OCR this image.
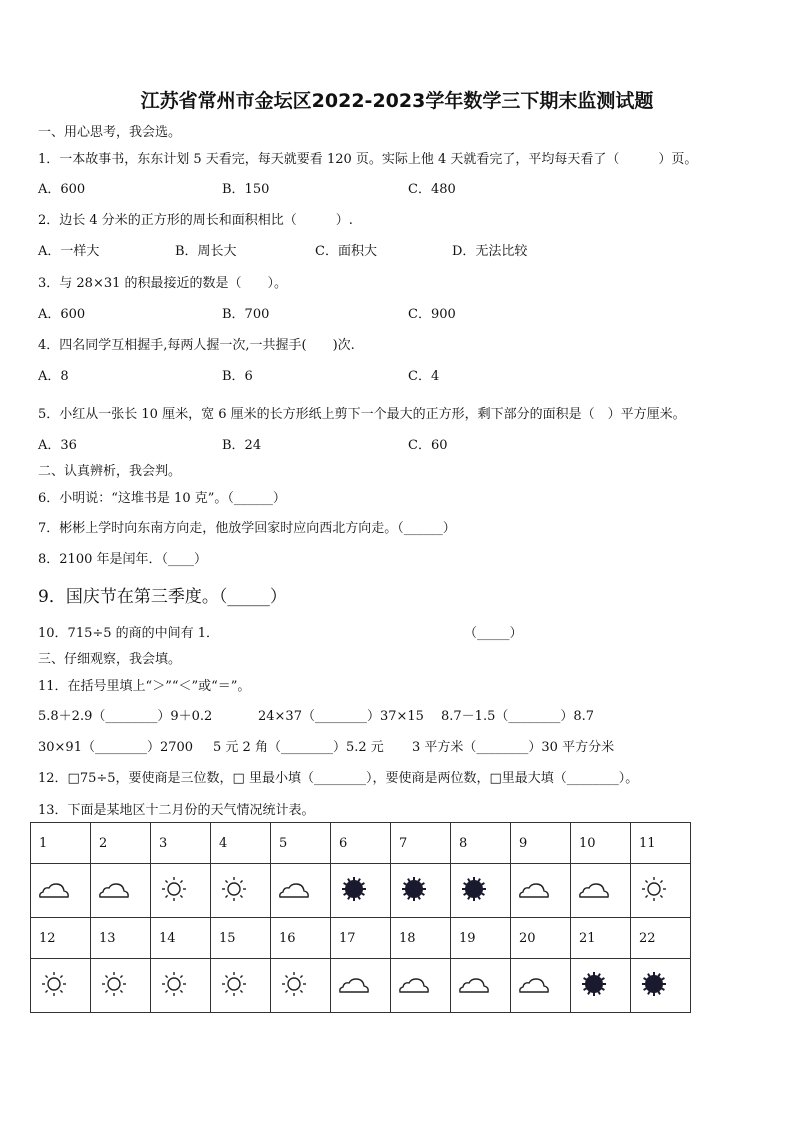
江苏省常州市金坛区2022-2023学年数学三下期末监测试题
一、用心思考，我会选。
1．一本故事书，东东计划 5 天看完，每天就要看 120 页。实际上他 4 天就看完了，平均每天看了（　　　）页。
A．600	B．150	C．480
2．边长 4 分米的正方形的周长和面积相比（　　　）.
A．一样大	B．周长大	C．面积大	D．无法比较
3．与 28×31 的积最接近的数是（　　）。
A．600	B．700	C．900
4．四名同学互相握手,每两人握一次,一共握手(　　)次.
A．8	B．6	C．4
5．小红从一张长 10 厘米，宽 6 厘米的长方形纸上剪下一个最大的正方形，剩下部分的面积是（　）平方厘米。
A．36	B．24	C．60
二、认真辨析，我会判。
6．小明说：“这堆书是 10 克”。（______）
7．彬彬上学时向东南方向走，他放学回家时应向西北方向走。（______）
8．2100 年是闰年．（____）
9．国庆节在第三季度。（_____）
10．715÷5 的商的中间有 1．	（_____）
三、仔细观察，我会填。
11．在括号里填上“＞”“＜”或“＝”。
5.8＋2.9（________）9＋0.2	24×37（________）37×15 8.7－1.5（________）8.7
30×91（________）2700 5 元 2 角（________）5.2 元 3 平方米（________）30 平方分米
12．□75÷5，要使商是三位数，□ 里最小填（________），要使商是两位数，□里最大填（________）。
13．下面是某地区十二月份的天气情况统计表。
1	2	3	4	5	6	7	8	9	10	11

12	13	14	15	16	17	18	19	20	21	22
